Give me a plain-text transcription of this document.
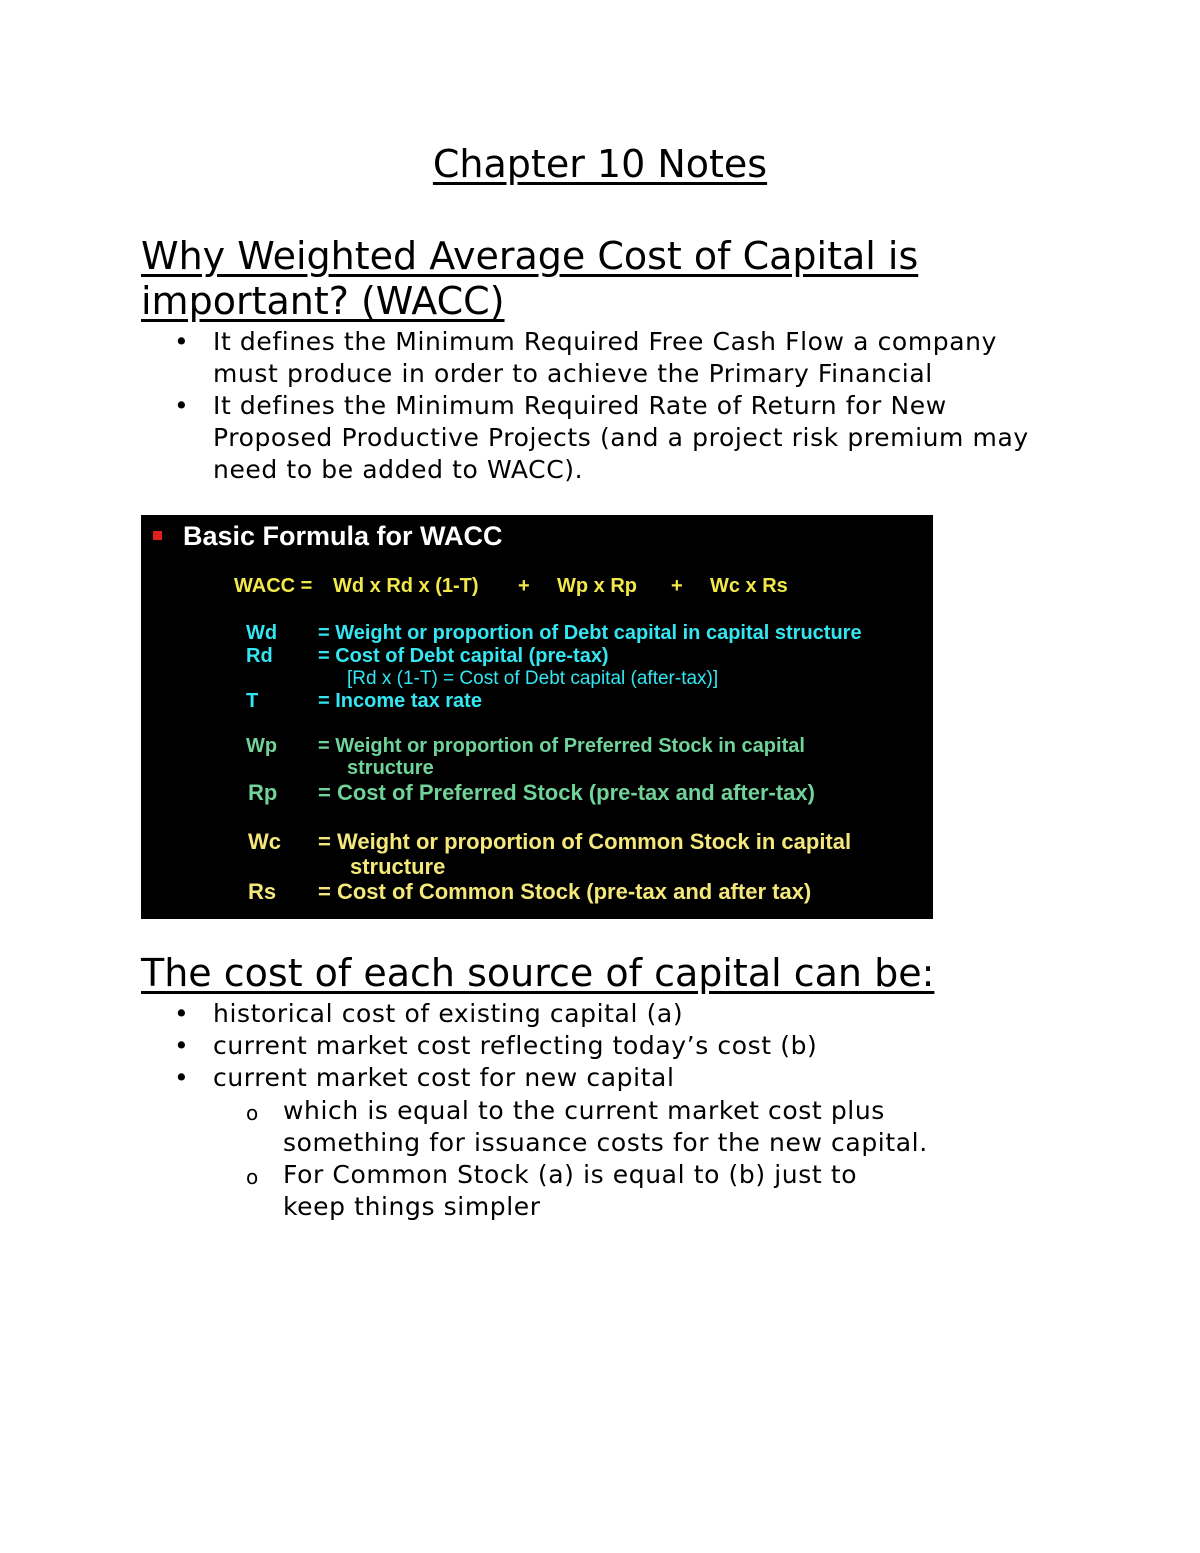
Chapter 10 Notes
Why Weighted Average Cost of Capital is important? (WACC)
• It defines the Minimum Required Free Cash Flow a company must produce in order to achieve the Primary Financial
• It defines the Minimum Required Rate of Return for New Proposed Productive Projects (and a project risk premium may need to be added to WACC).
Basic Formula for WACC
WACC = Wd x Rd x (1-T) + Wp x Rp + Wc x Rs
Wd = Weight or proportion of Debt capital in capital structure
Rd = Cost of Debt capital (pre-tax)
[Rd x (1-T) = Cost of Debt capital (after-tax)]
T	= Income tax rate
Wp = Weight or proportion of Preferred Stock in capital
structure
Rp = Cost of Preferred Stock (pre-tax and after-tax)
Wc = Weight or proportion of Common Stock in capital
structure
Rs = Cost of Common Stock (pre-tax and after tax)
The cost of each source of capital can be:
• historical cost of existing capital (a)
• current market cost reflecting today’s cost (b)
• current market cost for new capital
o which is equal to the current market cost plus something for issuance costs for the new capital.
o For Common Stock (a) is equal to (b) just to keep things simpler
